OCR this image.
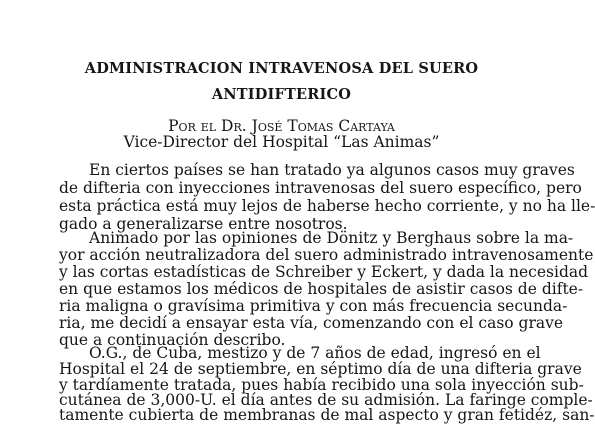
ADMINISTRACION INTRAVENOSA DEL SUERO
ANTIDIFTERICO
Por el Dr. José Tomas Cartaya
Vice-Director del Hospital “Las Animas”
En ciertos países se han tratado ya algunos casos muy graves
de difteria con inyecciones intravenosas del suero específico, pero
esta práctica está muy lejos de haberse hecho corriente, y no ha lle-
gado a generalizarse entre nosotros.
Animado por las opiniones de Dönitz y Berghaus sobre la ma-
yor acción neutralizadora del suero administrado intravenosamente
y las cortas estadísticas de Schreiber y Eckert, y dada la necesidad
en que estamos los médicos de hospitales de asistir casos de difte-
ria maligna o gravísima primitiva y con más frecuencia secunda-
ria, me decidí a ensayar esta vía, comenzando con el caso grave
que a continuación describo.
O.G., de Cuba, mestizo y de 7 años de edad, ingresó en el
Hospital el 24 de septiembre, en séptimo día de una difteria grave
y tardíamente tratada, pues había recibido una sola inyección sub-
cutánea de 3,000-U. el día antes de su admisión. La faringe comple-
tamente cubierta de membranas de mal aspecto y gran fetidéz, san-
